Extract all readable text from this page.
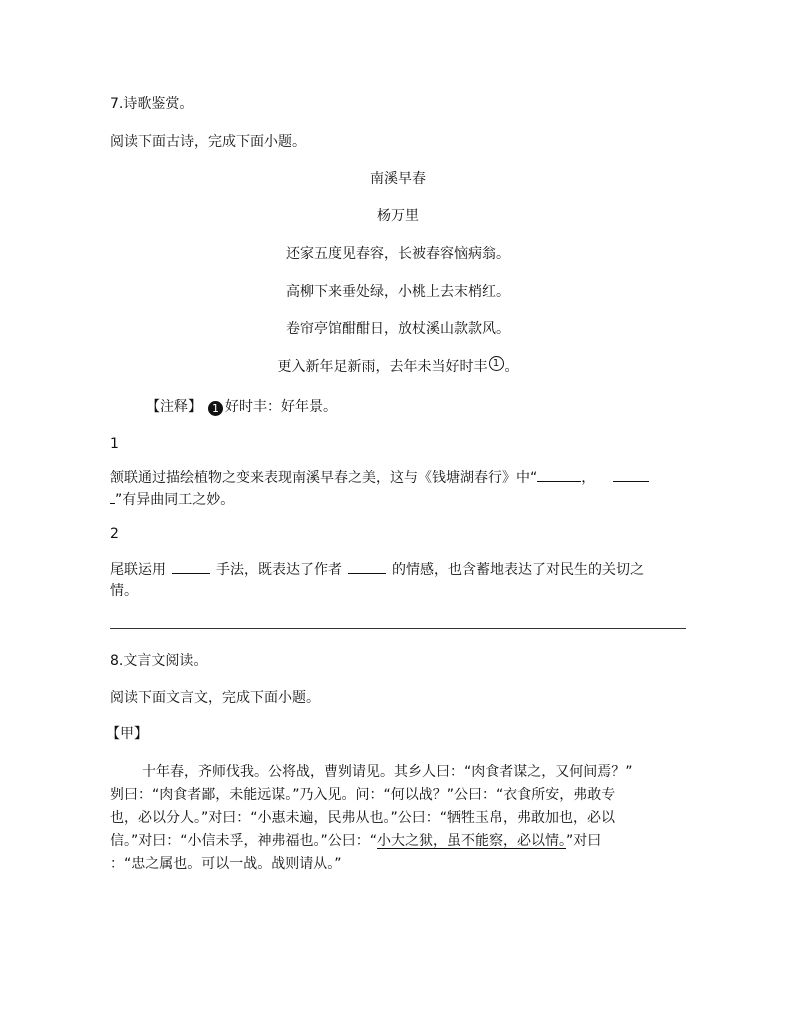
7.诗歌鉴赏。
阅读下面古诗，完成下面小题。
南溪早春
杨万里
还家五度见春容，长被春容恼病翁。
高柳下来垂处绿，小桃上去末梢红。
卷帘亭馆酣酣日，放杖溪山款款风。
更入新年足新雨，去年未当好时丰 1 。
【注释】 1 好时丰：好年景。
1
颔联通过描绘植物之变来表现南溪早春之美，这与《钱塘湖春行》中“	，
”有异曲同工之妙。
2
尾联运用	手法，既表达了作者	的情感，也含蓄地表达了对民生的关切之
情。
8.文言文阅读。
阅读下面文言文，完成下面小题。
【甲】
十年春，齐师伐我。公将战，曹刿请见。其乡人曰：“肉食者谋之，又何间焉？”
刿曰：“肉食者鄙，未能远谋。”乃入见。问：“何以战？”公曰：“衣食所安，弗敢专
也，必以分人。”对曰：“小惠未遍，民弗从也。”公曰：“牺牲玉帛，弗敢加也，必以
信。”对曰：“小信未孚，神弗福也。”公曰：“小大之狱，虽不能察，必以情。”对曰
：“忠之属也。可以一战。战则请从。”
